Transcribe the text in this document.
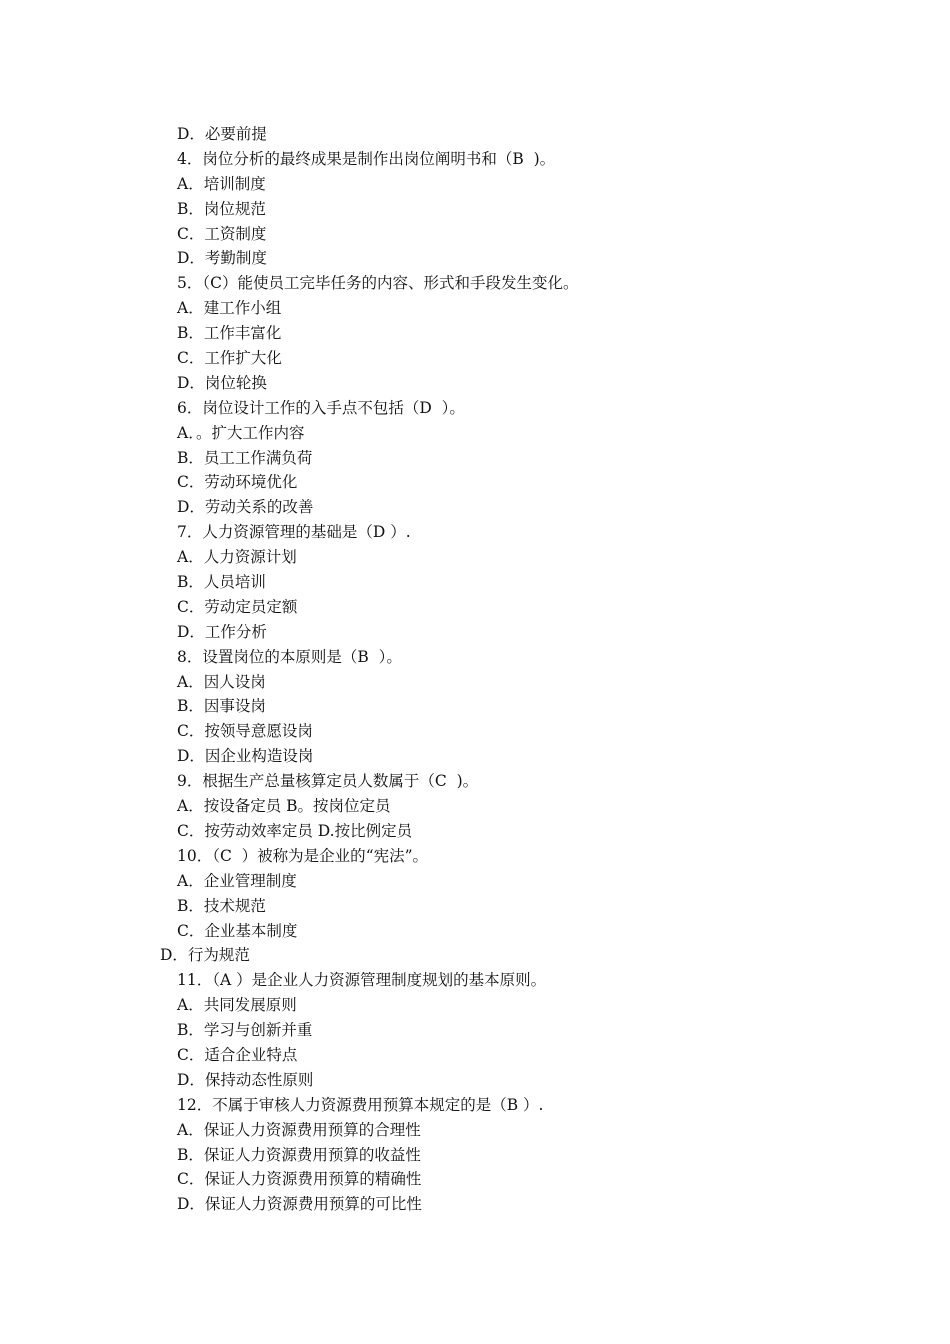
D．必要前提
4．岗位分析的最终成果是制作出岗位阐明书和（B  )。
A．培训制度
B．岗位规范
C．工资制度
D．考勤制度
5．（C）能使员工完毕任务的内容、形式和手段发生变化。
A．建工作小组
B．工作丰富化
C．工作扩大化
D．岗位轮换
6．岗位设计工作的入手点不包括（D  ）。
A．。扩大工作内容
B．员工工作满负荷
C．劳动环境优化
D．劳动关系的改善
7．人力资源管理的基础是（D ）.
A．人力资源计划
B．人员培训
C．劳动定员定额
D．工作分析
8．设置岗位的本原则是（B  ）。
A．因人设岗
B．因事设岗
C．按领导意愿设岗
D．因企业构造设岗
9．根据生产总量核算定员人数属于（C  )。
A．按设备定员 B。按岗位定员
C．按劳动效率定员 D.按比例定员
10．（C  ）被称为是企业的“宪法”。
A．企业管理制度
B．技术规范
C．企业基本制度
D．行为规范
11．（A ）是企业人力资源管理制度规划的基本原则。
A．共同发展原则
B．学习与创新并重
C．适合企业特点
D．保持动态性原则
12．不属于审核人力资源费用预算本规定的是（B ）.
A．保证人力资源费用预算的合理性
B．保证人力资源费用预算的收益性
C．保证人力资源费用预算的精确性
D．保证人力资源费用预算的可比性
